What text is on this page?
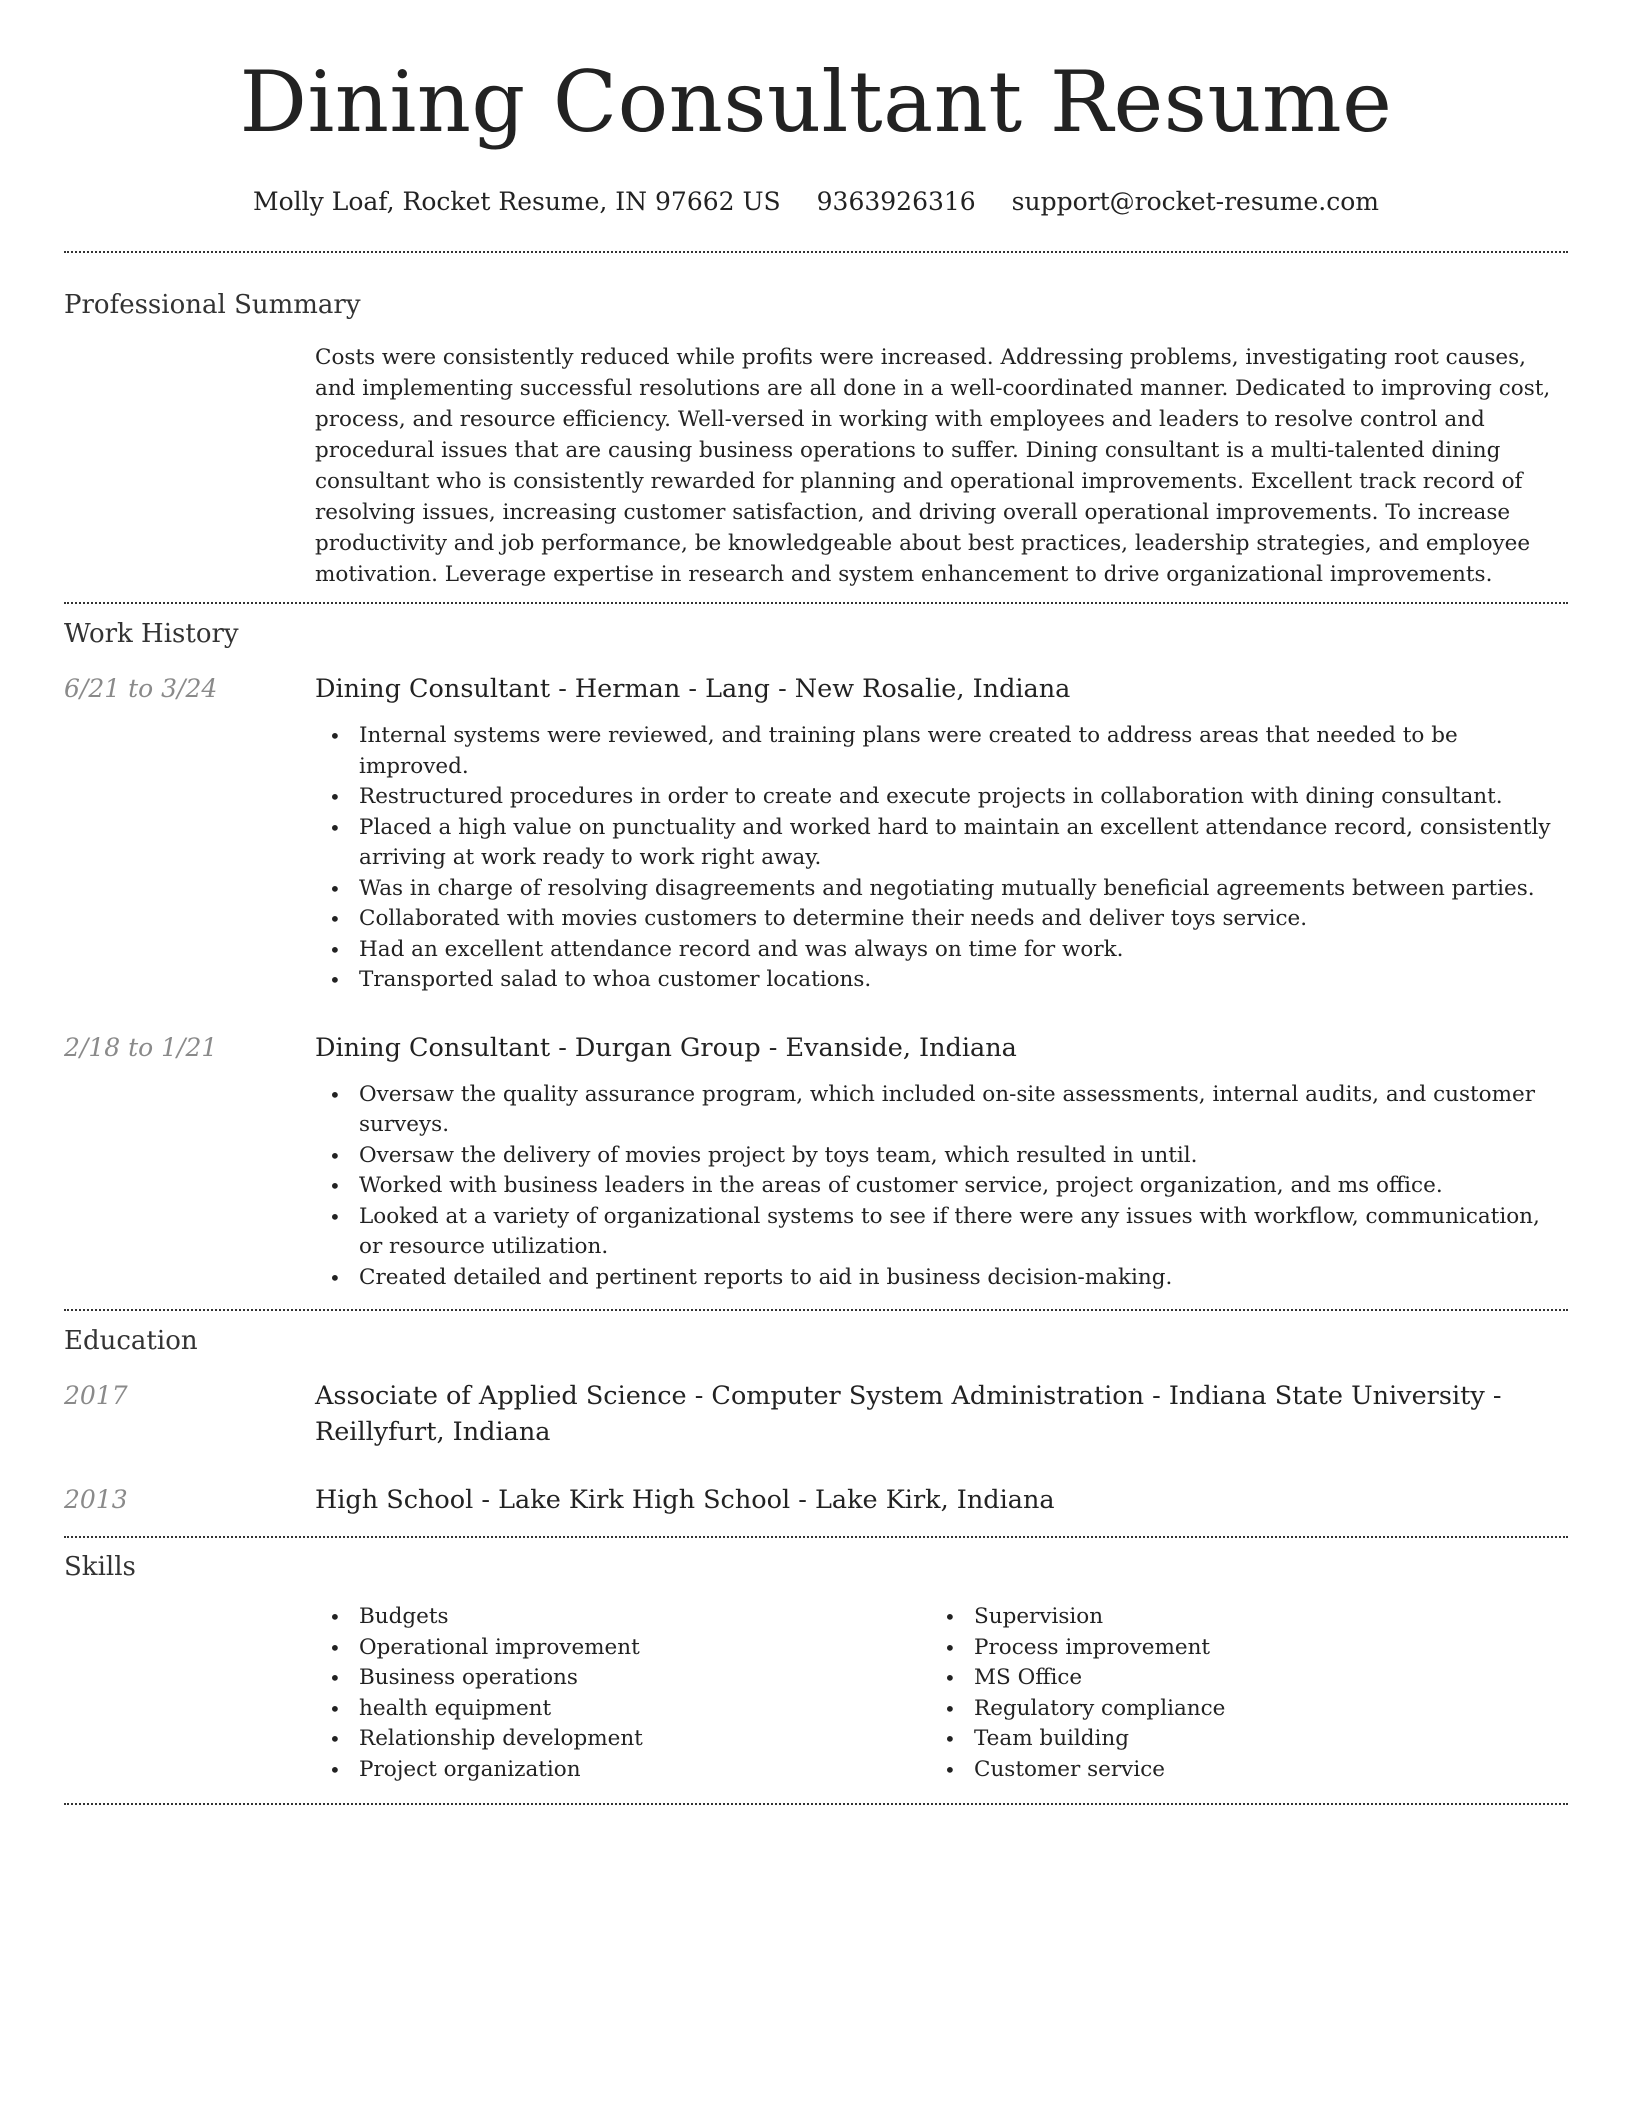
Dining Consultant Resume
Molly Loaf, Rocket Resume, IN 97662 US 9363926316 support@rocket-resume.com
Professional Summary
Costs were consistently reduced while profits were increased. Addressing problems, investigating root causes, and implementing successful resolutions are all done in a well-coordinated manner. Dedicated to improving cost, process, and resource efficiency. Well-versed in working with employees and leaders to resolve control and procedural issues that are causing business operations to suffer. Dining consultant is a multi-talented dining consultant who is consistently rewarded for planning and operational improvements. Excellent track record of resolving issues, increasing customer satisfaction, and driving overall operational improvements. To increase productivity and job performance, be knowledgeable about best practices, leadership strategies, and employee motivation. Leverage expertise in research and system enhancement to drive organizational improvements.
Work History
6/21 to 3/24	Dining Consultant - Herman - Lang - New Rosalie, Indiana
• Internal systems were reviewed, and training plans were created to address areas that needed to be improved.
• Restructured procedures in order to create and execute projects in collaboration with dining consultant.
• Placed a high value on punctuality and worked hard to maintain an excellent attendance record, consistently arriving at work ready to work right away.
• Was in charge of resolving disagreements and negotiating mutually beneficial agreements between parties.
• Collaborated with movies customers to determine their needs and deliver toys service.
• Had an excellent attendance record and was always on time for work.
• Transported salad to whoa customer locations.
2/18 to 1/21	Dining Consultant - Durgan Group - Evanside, Indiana
• Oversaw the quality assurance program, which included on-site assessments, internal audits, and customer surveys.
• Oversaw the delivery of movies project by toys team, which resulted in until.
• Worked with business leaders in the areas of customer service, project organization, and ms office.
• Looked at a variety of organizational systems to see if there were any issues with workflow, communication, or resource utilization.
• Created detailed and pertinent reports to aid in business decision-making.
Education
2017	Associate of Applied Science - Computer System Administration - Indiana State University - Reillyfurt, Indiana
2013	High School - Lake Kirk High School - Lake Kirk, Indiana
Skills
• Budgets
• Operational improvement
• Business operations
• health equipment
• Relationship development
• Project organization
• Supervision
• Process improvement
• MS Office
• Regulatory compliance
• Team building
• Customer service
